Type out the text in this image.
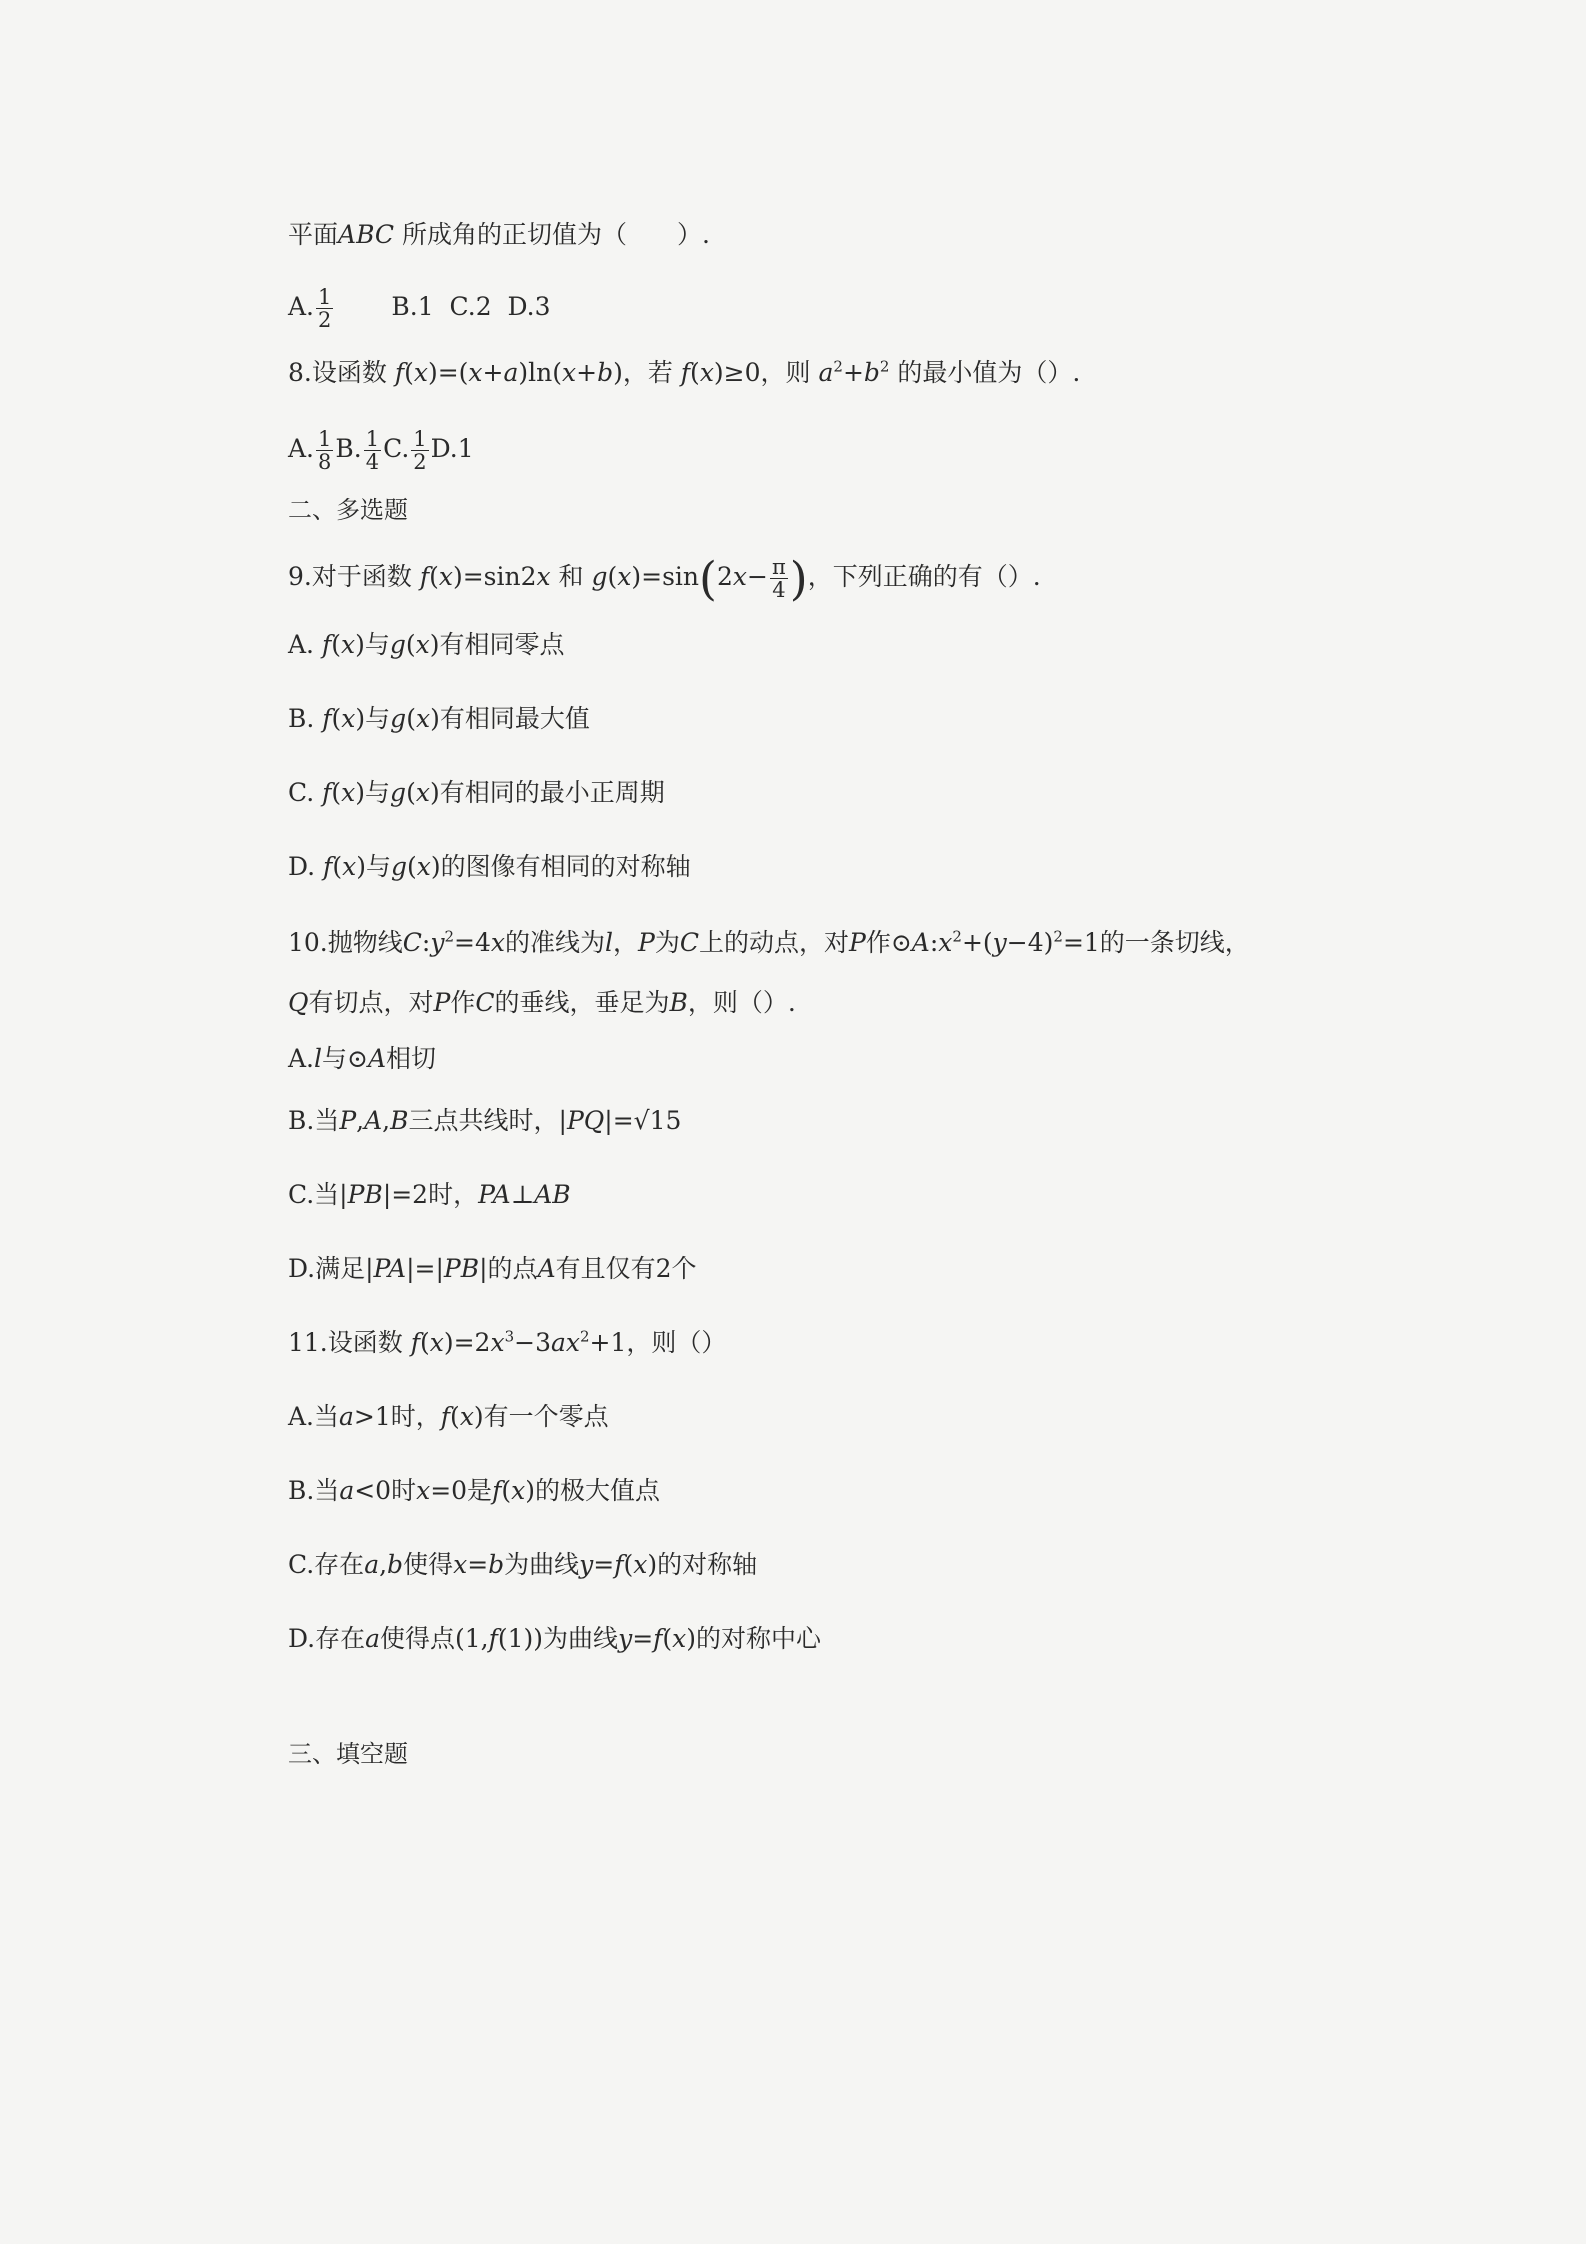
平面ABC 所成角的正切值为（　　）.
A. $\frac{1}{2} B.1$  C.2  D.3
8.设函数 f(x)=(x+a)ln(x+b)，若 f(x)≥0，则 $a^2+b^2$ 的最小值为（）.
A. $\frac{1}{8} B$. $\frac{1}{4} C$. $\frac{1}{2} D.1$
二、多选题
9.对于函数 f(x)=sin2x 和 $g(x)=\sin(2x- \frac{\pi}{4}$ )，下列正确的有（）.
A. f(x)与g(x)有相同零点
B. f(x)与g(x)有相同最大值
C. f(x)与g(x)有相同的最小正周期
D. f(x)与g(x)的图像有相同的对称轴
10.抛物线$C:y^2=4x$的准线为l，P为C上的动点，对P作$⊙A:x^2+(y-4)^2=1$的一条切线，
Q有切点，对P作C的垂线，垂足为B，则（）.
A.l与⊙A相切
B.当P,A,B三点共线时，|PQ|=√15
C.当|PB|=2时，PA⊥AB
D.满足|PA|=|PB|的点A有且仅有2个
11.设函数 $f(x)=2x^3-3ax^2+1$，则（）
A.当a>1时，f(x)有一个零点
B.当a<0时x=0是f(x)的极大值点
C.存在a,b使得x=b为曲线y=f(x)的对称轴
D.存在a使得点(1,f(1))为曲线y=f(x)的对称中心
三、填空题
